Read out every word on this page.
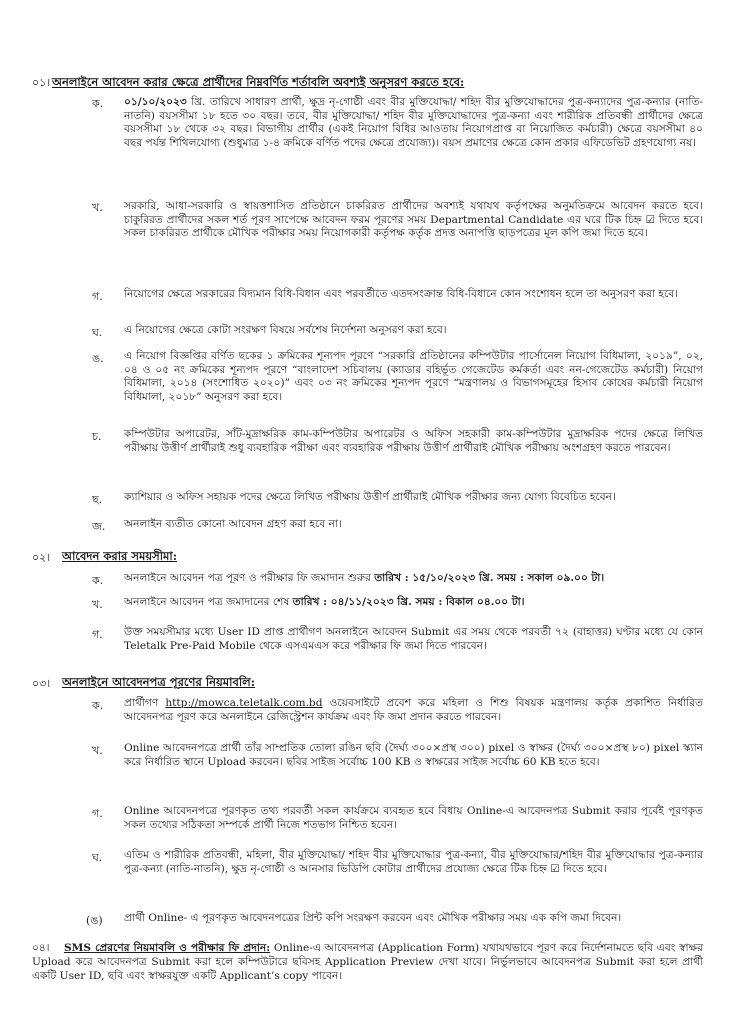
০১। অনলাইনে আবেদন করার ক্ষেত্রে প্রার্থীদের নিম্নবর্ণিত শর্তাবলি অবশ্যই অনুসরণ করতে হবে:
ক. ০১/১০/২০২৩ খ্রি. তারিখে সাধারণ প্রার্থী, ক্ষুদ্র নৃ-গোষ্ঠী এবং বীর মুক্তিযোদ্ধা/ শহিদ বীর মুক্তিযোদ্ধাদের পুত্র-কন্যাদের পুত্র-কন্যার (নাতি-নাতনি) বয়সসীমা ১৮ হতে ৩০ বছর। তবে, বীর মুক্তিযোদ্ধা/ শহিদ বীর মুক্তিযোদ্ধাদের পুত্র-কন্যা এবং শারীরিক প্রতিবন্ধী প্রার্থীদের ক্ষেত্রে বয়সসীমা ১৮ থেকে ৩২ বছর। বিভাগীয় প্রার্থীর (একই নিয়োগ বিধির আওতায় নিয়োগপ্রাপ্ত বা নিয়োজিত কর্মচারী) ক্ষেত্রে বয়সসীমা ৪০ বছর পর্যন্ত শিথিলযোগ্য (শুধুমাত্র ১-৪ ক্রমিকে বর্ণিত পদের ক্ষেত্রে প্রযোজ্য)। বয়স প্রমাণের ক্ষেত্রে কোন প্রকার এফিডেভিট গ্রহণযোগ্য নয়।
খ. সরকারি, আধা-সরকারি ও স্বায়ত্তশাসিত প্রতিষ্ঠানে চাকরিরত প্রার্থীদের অবশ্যই যথাযথ কর্তৃপক্ষের অনুমতিক্রমে আবেদন করতে হবে। চাকুরিরত প্রার্থীদের সকল শর্ত পূরণ সাপেক্ষে আবেদন ফরম পূরণের সময় Departmental Candidate এর ঘরে টিক চিহ্ন ☑ দিতে হবে। সকল চাকরিরত প্রার্থীকে মৌখিক পরীক্ষার সময় নিয়োগকারী কর্তৃপক্ষ কর্তৃক প্রদত্ত অনাপত্তি ছাড়পত্রের মূল কপি জমা দিতে হবে।
গ. নিয়োগের ক্ষেত্রে সরকারের বিদ্যমান বিধি-বিধান এবং পরবর্তীতে এতদসংক্রান্ত বিধি-বিধানে কোন সংশোধন হলে তা অনুসরণ করা হবে।
ঘ. এ নিয়োগের ক্ষেত্রে কোটা সংরক্ষণ বিষয়ে সর্বশেষ নির্দেশনা অনুসরণ করা হবে।
ঙ. এ নিয়োগ বিজ্ঞপ্তির বর্ণিত ছকের ১ ক্রমিকের শূন্যপদ পূরণে “সরকারি প্রতিষ্ঠানের কম্পিউটার পার্সোনেল নিয়োগ বিধিমালা, ২০১৯”, ০২, ০৪ ও ০৫ নং ক্রমিকের শূন্যপদ পূরণে “বাংলাদেশ সচিবালয় (ক্যাডার বহির্ভূত গেজেটেড কর্মকর্তা এবং নন-গেজেটেড কর্মচারী) নিয়োগ বিধিমালা, ২০১৪ (সংশোধিত ২০২০)” এবং ০৩ নং ক্রমিকের শূন্যপদ পূরণে “মন্ত্রণালয় ও বিভাগসমূহের হিসাব কোষের কর্মচারী নিয়োগ বিধিমালা, ২০১৮” অনুসরণ করা হবে।
চ. কম্পিউটার অপারেটর, সাঁট-মুদ্রাক্ষরিক কাম-কম্পিউটার অপারেটর ও অফিস সহকারী কাম-কম্পিউটার মুদ্রাক্ষরিক পদের ক্ষেত্রে লিখিত পরীক্ষায় উত্তীর্ণ প্রার্থীরাই শুধু ব্যবহারিক পরীক্ষা এবং ব্যবহারিক পরীক্ষায় উত্তীর্ণ প্রার্থীরাই মৌখিক পরীক্ষায় অংশগ্রহণ করতে পারবেন।
ছ. ক্যাশিয়ার ও অফিস সহায়ক পদের ক্ষেত্রে লিখিত পরীক্ষায় উত্তীর্ণ প্রার্থীরাই মৌখিক পরীক্ষার জন্য যোগ্য বিবেচিত হবেন।
জ. অনলাইন ব্যতীত কোনো আবেদন গ্রহণ করা হবে না।
০২। আবেদন করার সময়সীমা:
ক. অনলাইনে আবেদন পত্র পূরণ ও পরীক্ষার ফি জমাদান শুরুর তারিখ : ১৫/১০/২০২৩ খ্রি. সময় : সকাল ০৯.০০ টা।
খ. অনলাইনে আবেদন পত্র জমাদানের শেষ তারিখ : ০৪/১১/২০২৩ খ্রি. সময় : বিকাল ০৪.০০ টা।
গ. উক্ত সময়সীমার মধ্যে User ID প্রাপ্ত প্রার্থীগণ অনলাইনে আবেদন Submit এর সময় থেকে পরবর্তী ৭২ (বাহাত্তর) ঘণ্টার মধ্যে যে কোন Teletalk Pre-Paid Mobile থেকে এসএমএস করে পরীক্ষার ফি জমা দিতে পারবেন।
০৩। অনলাইনে আবেদনপত্র পূরণের নিয়মাবলি:
ক. প্রার্থীগণ http://mowca.teletalk.com.bd ওয়েবসাইটে প্রবেশ করে মহিলা ও শিশু বিষয়ক মন্ত্রণালয় কর্তৃক প্রকাশিত নির্ধারিত আবেদনপত্র পূরণ করে অনলাইনে রেজিস্ট্রেশন কার্যক্রম এবং ফি জমা প্রদান করতে পারবেন।
খ. Online আবেদনপত্রে প্রার্থী তাঁর সাম্প্রতিক তোলা রঙিন ছবি (দৈর্ঘ্য ৩০০×প্রস্থ ৩০০) pixel ও স্বাক্ষর (দৈর্ঘ্য ৩০০×প্রস্থ ৮০) pixel স্ক্যান করে নির্ধারিত স্থানে Upload করবেন। ছবির সাইজ সর্বোচ্চ 100 KB ও স্বাক্ষরের সাইজ সর্বোচ্চ 60 KB হতে হবে।
গ. Online আবেদনপত্রে পূরণকৃত তথ্য পরবর্তী সকল কার্যক্রমে ব্যবহৃত হবে বিধায় Online-এ আবেদনপত্র Submit করার পূর্বেই পূরণকৃত সকল তথ্যের সঠিকতা সম্পর্কে প্রার্থী নিজে শতভাগ নিশ্চিত হবেন।
ঘ. এতিম ও শারীরিক প্রতিবন্ধী, মহিলা, বীর মুক্তিযোদ্ধা/ শহিদ বীর মুক্তিযোদ্ধার পুত্র-কন্যা, বীর মুক্তিযোদ্ধার/শহিদ বীর মুক্তিযোদ্ধার পুত্র-কন্যার পুত্র-কন্যা (নাতি-নাতনি), ক্ষুদ্র নৃ-গোষ্ঠী ও আনসার ভিডিপি কোটার প্রার্থীদের প্রযোজ্য ক্ষেত্রে টিক চিহ্ন ☑ দিতে হবে।
(ঙ) প্রার্থী Online- এ পূরণকৃত আবেদনপত্রের প্রিন্ট কপি সংরক্ষণ করবেন এবং মৌখিক পরীক্ষার সময় এক কপি জমা দিবেন।
০৪। SMS প্রেরণের নিয়মাবলি ও পরীক্ষার ফি প্রদান: Online-এ আবেদনপত্র (Application Form) যথাযথভাবে পূরণ করে নির্দেশনামতে ছবি এবং স্বাক্ষর Upload করে আবেদনপত্র Submit করা হলে কম্পিউটারে ছবিসহ Application Preview দেখা যাবে। নির্ভুলভাবে আবেদনপত্র Submit করা হলে প্রার্থী একটি User ID, ছবি এবং স্বাক্ষরযুক্ত একটি Applicant’s copy পাবেন।
